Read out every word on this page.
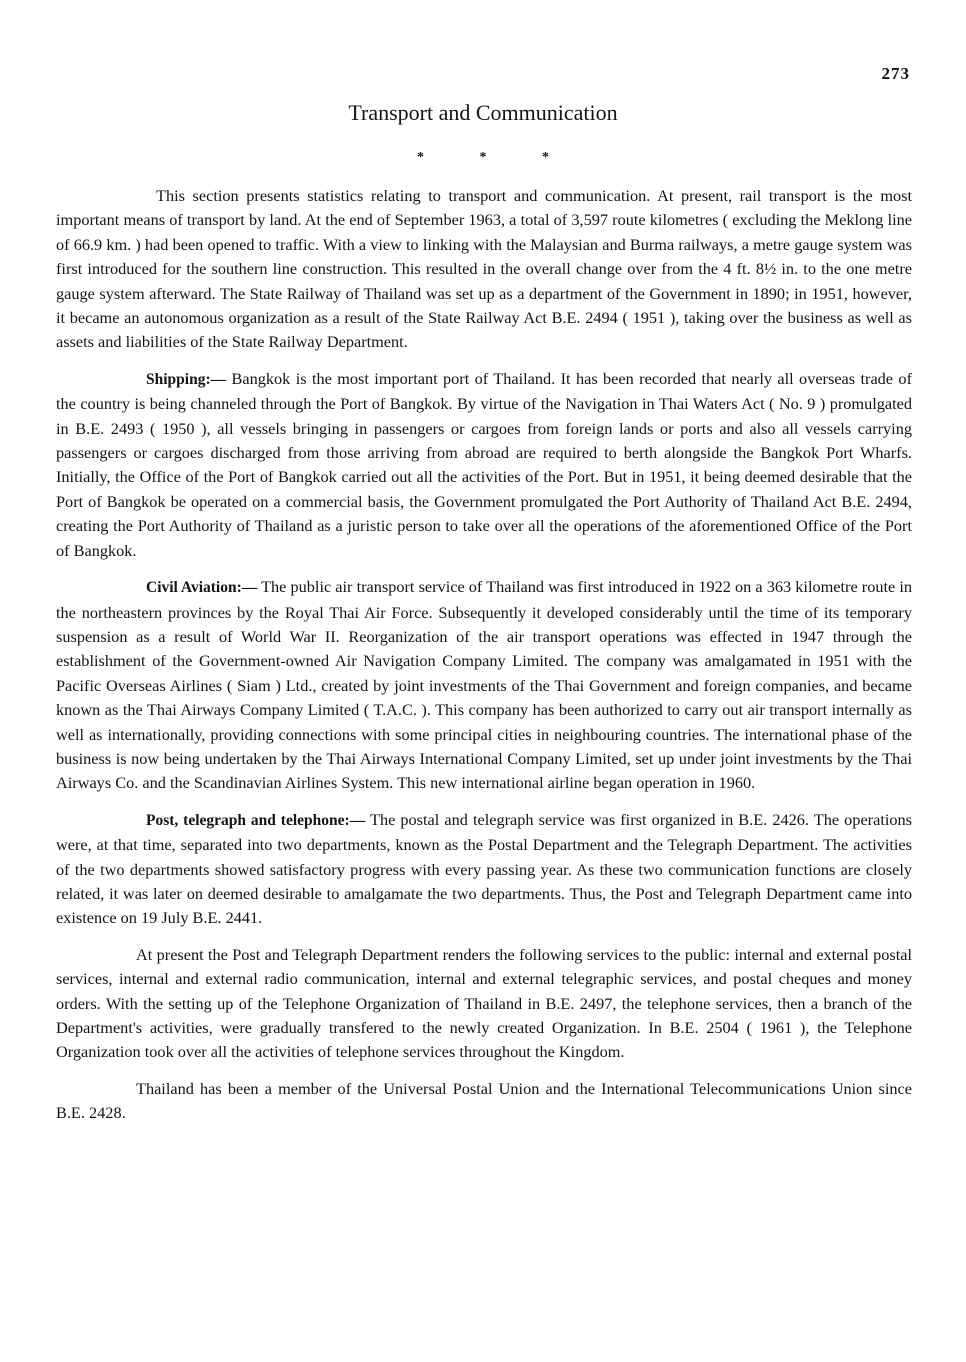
273
Transport and Communication
* * *

This section presents statistics relating to transport and communication. At present, rail transport is the most important means of transport by land. At the end of September 1963, a total of 3,597 route kilometres ( excluding the Meklong line of 66.9 km. ) had been opened to traffic. With a view to linking with the Malaysian and Burma railways, a metre gauge system was first introduced for the southern line construction. This resulted in the overall change over from the 4 ft. 8½ in. to the one metre gauge system afterward. The State Railway of Thailand was set up as a department of the Government in 1890; in 1951, however, it became an autonomous organization as a result of the State Railway Act B.E. 2494 ( 1951 ), taking over the business as well as assets and liabilities of the State Railway Department.

Shipping:— Bangkok is the most important port of Thailand. It has been recorded that nearly all overseas trade of the country is being channeled through the Port of Bangkok. By virtue of the Navigation in Thai Waters Act ( No. 9 ) promulgated in B.E. 2493 ( 1950 ), all vessels bringing in passengers or cargoes from foreign lands or ports and also all vessels carrying passengers or cargoes discharged from those arriving from abroad are required to berth alongside the Bangkok Port Wharfs. Initially, the Office of the Port of Bangkok carried out all the activities of the Port. But in 1951, it being deemed desirable that the Port of Bangkok be operated on a commercial basis, the Government promulgated the Port Authority of Thailand Act B.E. 2494, creating the Port Authority of Thailand as a juristic person to take over all the operations of the aforementioned Office of the Port of Bangkok.

Civil Aviation:— The public air transport service of Thailand was first introduced in 1922 on a 363 kilometre route in the northeastern provinces by the Royal Thai Air Force. Subsequently it developed considerably until the time of its temporary suspension as a result of World War II. Reorganization of the air transport operations was effected in 1947 through the establishment of the Government-owned Air Navigation Company Limited. The company was amalgamated in 1951 with the Pacific Overseas Airlines ( Siam ) Ltd., created by joint investments of the Thai Government and foreign companies, and became known as the Thai Airways Company Limited ( T.A.C. ). This company has been authorized to carry out air transport internally as well as internationally, providing connections with some principal cities in neighbouring countries. The international phase of the business is now being undertaken by the Thai Airways International Company Limited, set up under joint investments by the Thai Airways Co. and the Scandinavian Airlines System. This new international airline began operation in 1960.

Post, telegraph and telephone:— The postal and telegraph service was first organized in B.E. 2426. The operations were, at that time, separated into two departments, known as the Postal Department and the Telegraph Department. The activities of the two departments showed satisfactory progress with every passing year. As these two communication functions are closely related, it was later on deemed desirable to amalgamate the two departments. Thus, the Post and Telegraph Department came into existence on 19 July B.E. 2441.

At present the Post and Telegraph Department renders the following services to the public: internal and external postal services, internal and external radio communication, internal and external telegraphic services, and postal cheques and money orders. With the setting up of the Telephone Organization of Thailand in B.E. 2497, the telephone services, then a branch of the Department's activities, were gradually transfered to the newly created Organization. In B.E. 2504 ( 1961 ), the Telephone Organization took over all the activities of telephone services throughout the Kingdom.

Thailand has been a member of the Universal Postal Union and the International Telecommunications Union since B.E. 2428.
